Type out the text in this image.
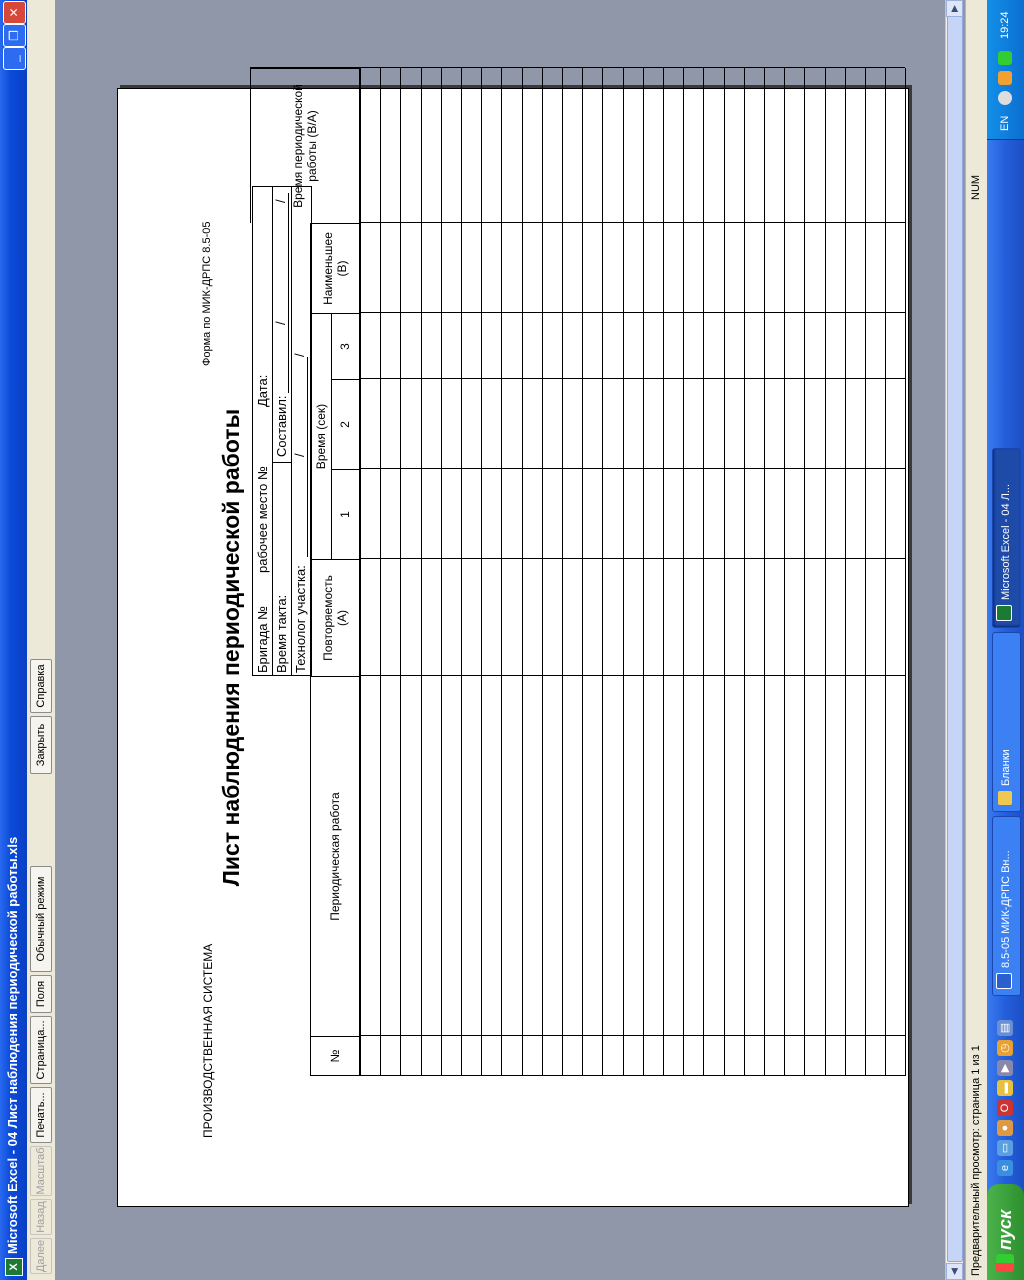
X
Microsoft Excel - 04 Лист наблюдения периодической работы.xls
_
❐
✕
Далее
Назад
Масштаб
Печать...
Страница...
Поля
Обычный режим
Закрыть
Справка
ПРОИЗВОДСТВЕННАЯ СИСТЕМА
Форма по МИК-ДРПС 8.5-05
Лист наблюдения периодической работы Бригада №
рабочее место №
Дата:
Время такта:
Составил:
/
/
Технолог участка:
/
/
№
Периодическая работа
Повторяемость (А)
Время (сек)
1
2
3
Наименьшее (В)
Время периодической работы (В/А)
◀
▶
Предварительный просмотр: страница 1 из 1
NUM
пуск
e
▭
●
O
▬
▶
◷
▤
8.5-05 МИК-ДРПС Вн...
Бланки
Microsoft Excel - 04 Л...
EN
19:24
